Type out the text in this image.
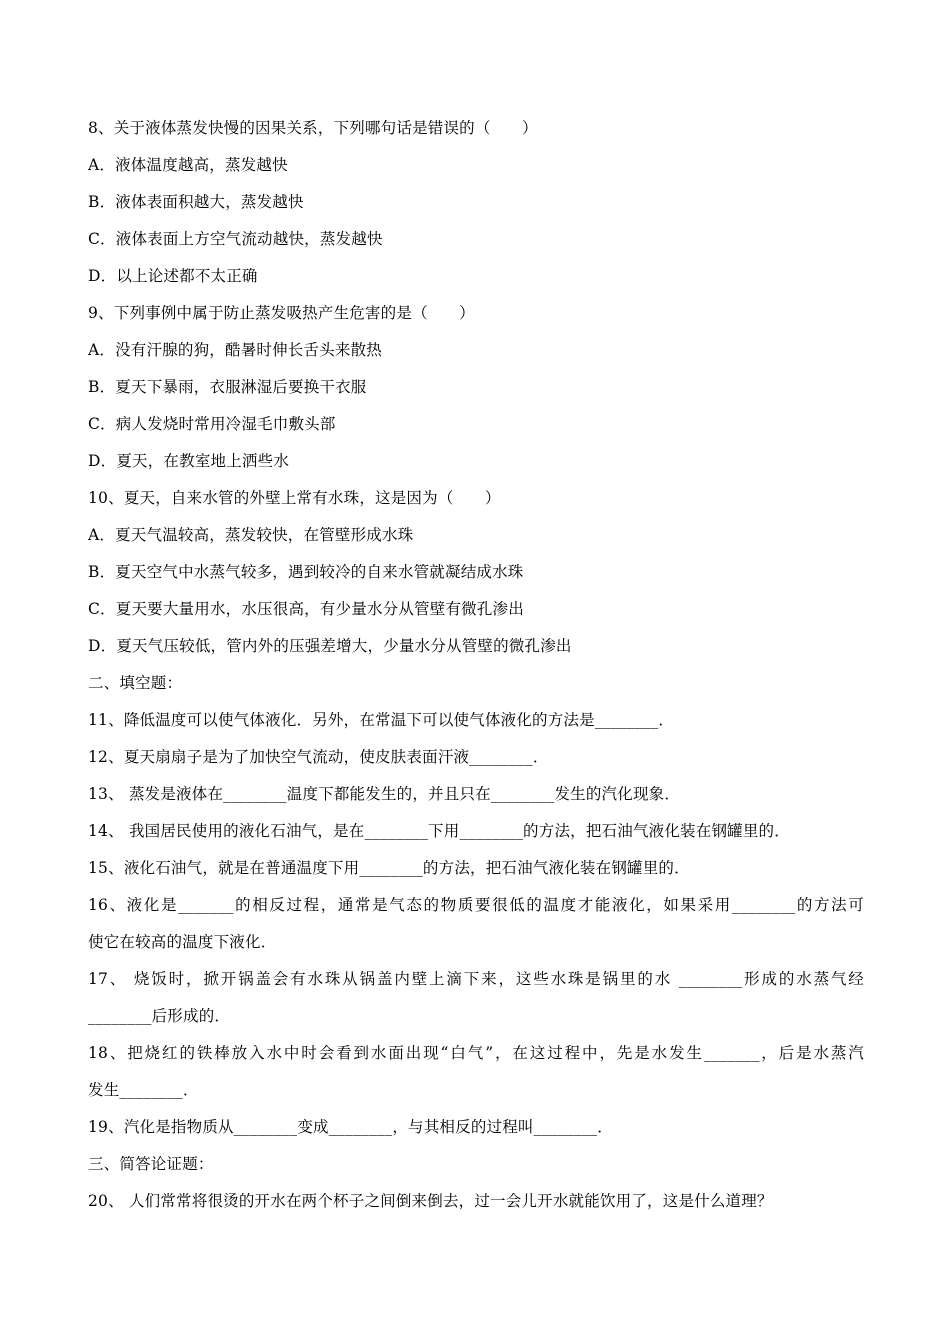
8、关于液体蒸发快慢的因果关系，下列哪句话是错误的（　　）
A．液体温度越高，蒸发越快
B．液体表面积越大，蒸发越快
C．液体表面上方空气流动越快，蒸发越快
D．以上论述都不太正确
9、下列事例中属于防止蒸发吸热产生危害的是（　　）
A．没有汗腺的狗，酷暑时伸长舌头来散热
B．夏天下暴雨，衣服淋湿后要换干衣服
C．病人发烧时常用冷湿毛巾敷头部
D．夏天，在教室地上洒些水
10、夏天，自来水管的外壁上常有水珠，这是因为（　　）
A．夏天气温较高，蒸发较快，在管壁形成水珠
B．夏天空气中水蒸气较多，遇到较冷的自来水管就凝结成水珠
C．夏天要大量用水，水压很高，有少量水分从管壁有微孔渗出
D．夏天气压较低，管内外的压强差增大，少量水分从管壁的微孔渗出
二、填空题：
11、降低温度可以使气体液化．另外，在常温下可以使气体液化的方法是________．
12、夏天扇扇子是为了加快空气流动，使皮肤表面汗液________．
13、 蒸发是液体在________温度下都能发生的，并且只在________发生的汽化现象．
14、 我国居民使用的液化石油气，是在________下用________的方法，把石油气液化装在钢罐里的．
15、液化石油气，就是在普通温度下用________的方法，把石油气液化装在钢罐里的．
16、液化是_______的相反过程，通常是气态的物质要很低的温度才能液化，如果采用________的方法可
使它在较高的温度下液化．
17、 烧饭时，掀开锅盖会有水珠从锅盖内壁上滴下来，这些水珠是锅里的水 ________形成的水蒸气经
________后形成的．
18、把烧红的铁棒放入水中时会看到水面出现“白气”，在这过程中，先是水发生_______，后是水蒸汽
发生________．
19、汽化是指物质从________变成________，与其相反的过程叫________．
三、简答论证题：
20、 人们常常将很烫的开水在两个杯子之间倒来倒去，过一会儿开水就能饮用了，这是什么道理？
